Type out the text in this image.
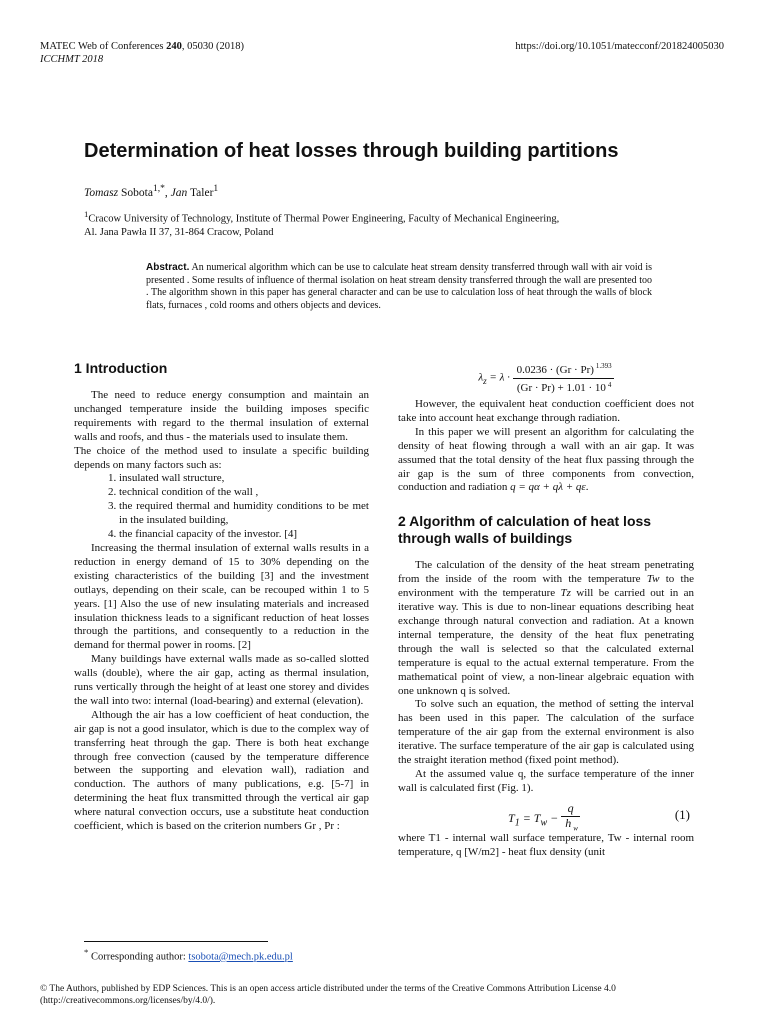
MATEC Web of Conferences 240, 05030 (2018)
ICCHMT 2018
https://doi.org/10.1051/matecconf/201824005030
Determination of heat losses through building partitions
Tomasz Sobota$^{1,*}$, Jan Taler$^1$
$^1$Cracow University of Technology, Institute of Thermal Power Engineering, Faculty of Mechanical Engineering,
Al. Jana Pawła II 37, 31-864 Cracow, Poland
Abstract. An numerical algorithm which can be use to calculate heat stream density transferred through wall with air void is presented . Some results of influence of thermal isolation on heat stream density transferred through the wall are presented too . The algorithm shown in this paper has general character and can be use to calculation loss of heat through the walls of block flats, furnaces , cold rooms and others objects and devices.
1 Introduction

The need to reduce energy consumption and maintain an unchanged temperature inside the building imposes specific requirements with regard to the thermal insulation of external walls and roofs, and thus - the materials used to insulate them.

The choice of the method used to insulate a specific building depends on many factors such as:

1. insulated wall structure,
2. technical condition of the wall ,
3. the required thermal and humidity conditions to be met in the insulated building,
4. the financial capacity of the investor. [4]

Increasing the thermal insulation of external walls results in a reduction in energy demand of 15 to 30% depending on the existing characteristics of the building [3] and the investment outlays, depending on their scale, can be recouped within 1 to 5 years. [1] Also the use of new insulating materials and increased insulation thickness leads to a significant reduction of heat losses through the partitions, and consequently to a reduction in the demand for thermal power in rooms. [2]

Many buildings have external walls made as so-called slotted walls (double), where the air gap, acting as thermal insulation, runs vertically through the height of at least one storey and divides the wall into two: internal (load-bearing) and external (elevation).

Although the air has a low coefficient of heat conduction, the air gap is not a good insulator, which is due to the complex way of transferring heat through the gap. There is both heat exchange through free convection (caused by the temperature difference between the supporting and elevation wall), radiation and conduction. The authors of many publications, e.g. [5-7] in determining the heat flux transmitted through the vertical air gap where natural convection occurs, use a substitute heat conduction coefficient, which is based on the criterion numbers Gr , Pr :

$\lambda_z = \lambda \cdot \frac{0.0236 \cdot (Gr \cdot Pr) ^{1.393}}{(Gr \cdot Pr) + 1.01 \cdot 10 ^4}$

However, the equivalent heat conduction coefficient does not take into account heat exchange through radiation.

In this paper we will present an algorithm for calculating the density of heat flowing through a wall with an air gap. It was assumed that the total density of the heat flux passing through the air gap is the sum of three components from convection, conduction and radiation q = qα + qλ + qε.

2 Algorithm of calculation of heat loss through walls of buildings

The calculation of the density of the heat stream penetrating from the inside of the room with the temperature Tw to the environment with the temperature Tz will be carried out in an iterative way. This is due to non-linear equations describing heat exchange through natural convection and radiation. At a known internal temperature, the density of the heat flux penetrating through the wall is selected so that the calculated external temperature is equal to the actual external temperature. From the mathematical point of view, a non-linear algebraic equation with one unknown q is solved.

To solve such an equation, the method of setting the interval has been used in this paper. The calculation of the surface temperature of the air gap from the external environment is also iterative. The surface temperature of the air gap is calculated using the straight iteration method (fixed point method).

At the assumed value q, the surface temperature of the inner wall is calculated first (Fig. 1).

$T_1 = T_w - \frac{q}{h _w}$	(1)

where T1 - internal wall surface temperature, Tw - internal room temperature, q [W/m2] - heat flux density (unit

* Corresponding author: tsobota@mech.pk.edu.pl
© The Authors, published by EDP Sciences. This is an open access article distributed under the terms of the Creative Commons Attribution License 4.0 (http://creativecommons.org/licenses/by/4.0/).
